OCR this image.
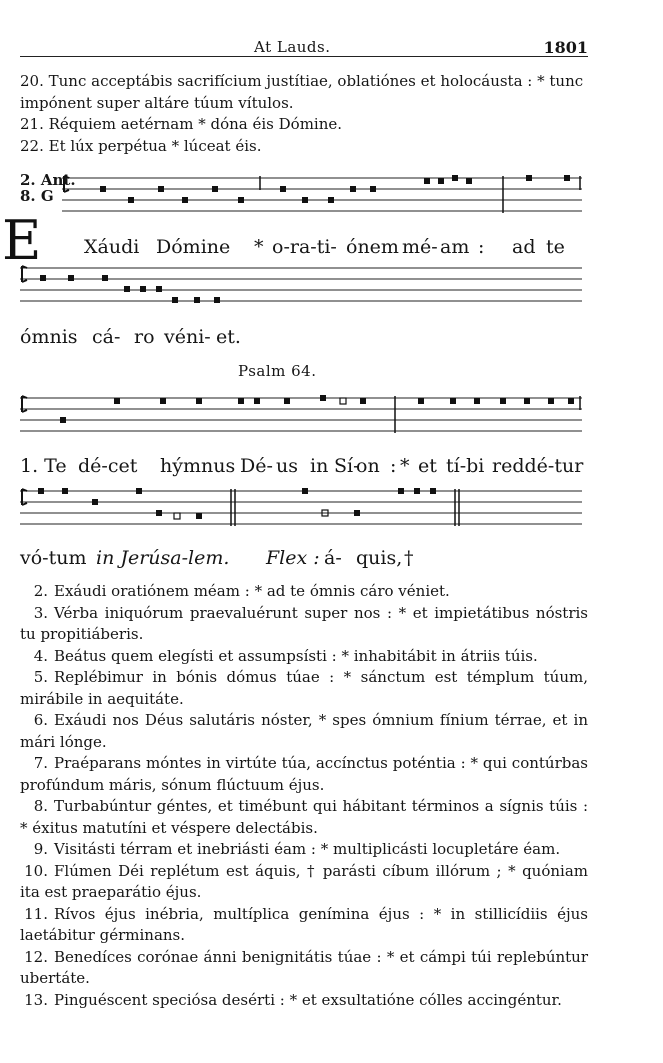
At Lauds.	1801

20. Tunc acceptábis sacrifícium justítiae, oblatiónes et holocáusta : * tunc impónent super altáre túum vítulos.

21. Réquiem aetérnam * dóna éis Dómine.

22. Et lúx perpétua * lúceat éis.

2. Ant.
8. G
E Xáudi Dómine * o-ra-ti- ónem mé- am : ad te
ómnis cá- ro véni- et.
Psalm 64.
1. Te dé-cet hýmnus Dé- us in Sí-
on : * et tí-bi reddé-tur
vó-tum in Jerúsa-lem. Flex : á- quis, †

2. Exáudi oratiónem méam : * ad te ómnis cáro véniet.

3. Vérba iniquórum praevaluérunt super nos : * et impietátibus nóstris tu propitiáberis.

4. Beátus quem elegísti et assumpsísti : * inhabitábit in átriis túis.

5. Replébimur in bónis dómus túae : * sánctum est témplum túum, mirábile in aequitáte.

6. Exáudi nos Déus salutáris nóster, * spes ómnium fínium térrae, et in mári lónge.

7. Praéparans móntes in virtúte túa, accínctus poténtia : * qui contúrbas profúndum máris, sónum flúctuum éjus.

8. Turbabúntur géntes, et timébunt qui hábitant términos a sígnis túis : * éxitus matutíni et véspere delectábis.

9. Visitásti térram et inebriásti éam : * multiplicásti locupletáre éam.

10. Flúmen Déi replétum est áquis, † parásti cíbum illórum ; * quóniam ita est praeparátio éjus.

11. Rívos éjus inébria, multíplica genímina éjus : * in stillicídiis éjus laetábitur gérminans.

12. Benedíces corónae ánni benignitátis túae : * et cámpi túi replebúntur ubertáte.

13. Pinguéscent speciósa desérti : * et exsultatióne cólles accingéntur.
